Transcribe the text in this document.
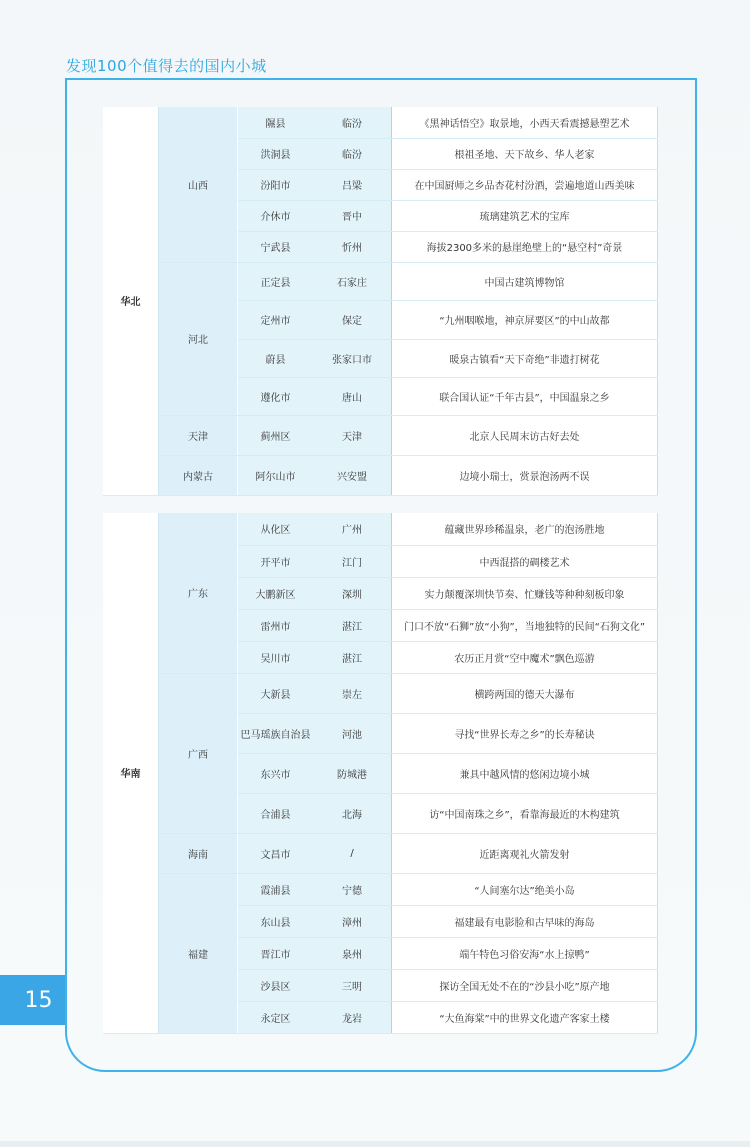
发现100个值得去的国内小城
15
华北	山西	隰县	临汾	《黑神话悟空》取景地，小西天看震撼悬塑艺术
		洪洞县	临汾	根祖圣地、天下故乡、华人老家
		汾阳市	吕梁	在中国厨师之乡品杏花村汾酒，尝遍地道山西美味
		介休市	晋中	琉璃建筑艺术的宝库
		宁武县	忻州	海拔2300多米的悬崖绝壁上的“悬空村”奇景
	河北	正定县	石家庄	中国古建筑博物馆
		定州市	保定	“九州咽喉地，神京屏要区”的中山故都
		蔚县	张家口市	暖泉古镇看“天下奇绝”非遗打树花
		遵化市	唐山	联合国认证“千年古县”，中国温泉之乡
	天津	蓟州区	天津	北京人民周末访古好去处
	内蒙古	阿尔山市	兴安盟	边境小瑞士，赏景泡汤两不误
华南	广东	从化区	广州	蕴藏世界珍稀温泉，老广的泡汤胜地
		开平市	江门	中西混搭的碉楼艺术
		大鹏新区	深圳	实力颠覆深圳快节奏、忙赚钱等种种刻板印象
		雷州市	湛江	门口不放“石狮”放“小狗”，当地独特的民间“石狗文化”
		吴川市	湛江	农历正月赏“空中魔术”飘色巡游
	广西	大新县	崇左	横跨两国的德天大瀑布
		巴马瑶族自治县	河池	寻找“世界长寿之乡”的长寿秘诀
		东兴市	防城港	兼具中越风情的悠闲边境小城
		合浦县	北海	访“中国南珠之乡”，看靠海最近的木构建筑
	海南	文昌市	/	近距离观礼火箭发射
	福建	霞浦县	宁德	“人间塞尔达”绝美小岛
		东山县	漳州	福建最有电影脸和古早味的海岛
		晋江市	泉州	端午特色习俗安海“水上掠鸭”
		沙县区	三明	探访全国无处不在的“沙县小吃”原产地
		永定区	龙岩	“大鱼海棠”中的世界文化遗产客家土楼
